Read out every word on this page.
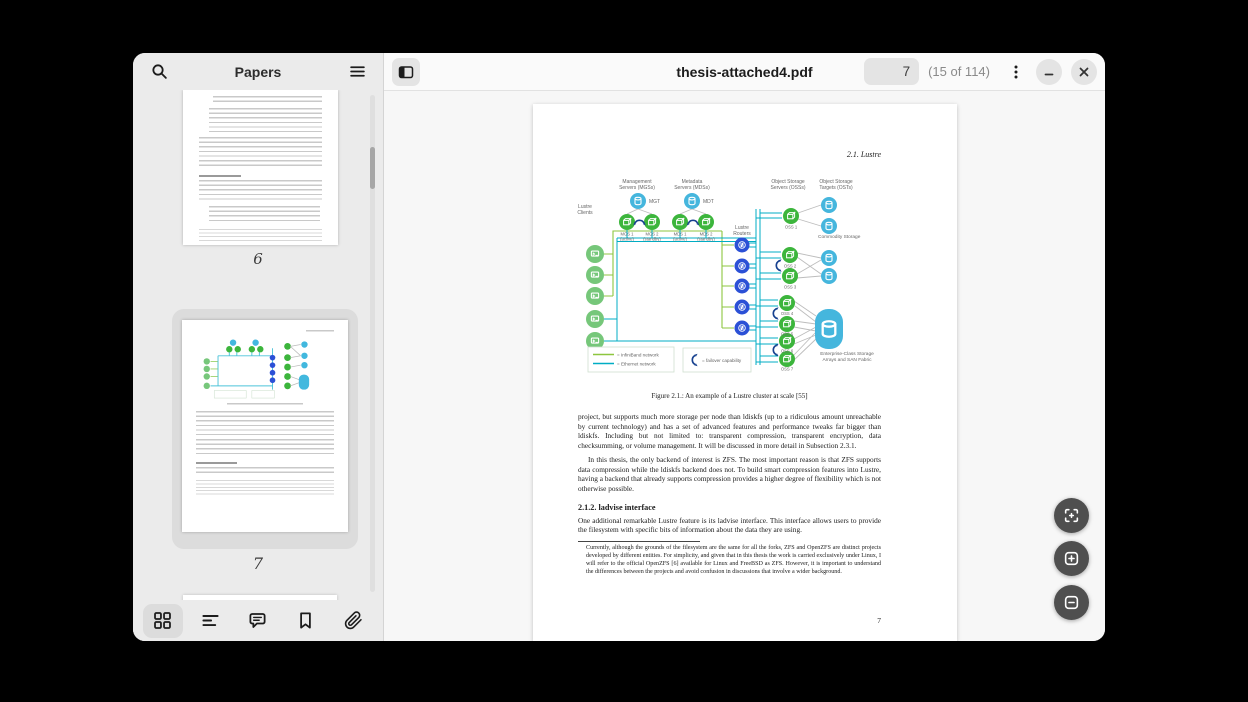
Papers
6
7
thesis-attached4.pdf
7	(15 of 114)
2.1. Lustre
Management
Servers (MGSs)
Metadata
Servers (MDSs)
Object Storage
Servers (OSSs)
Object Storage
Targets (OSTs)
MGT	MDT
MGS 1
(active)
MGS 2
(standby)
MDS 1
(active)
MDS 2
(standby)
Lustre
Clients
Lustre
Routers
OSS 1
OSS 2
OSS 3
OSS 4
OSS 5
OSS 6
OSS 7
Commodity Storage
Enterprise-Class Storage
Arrays and SAN Fabric
= InfiniBand network
= Ethernet network
= failover capability
Figure 2.1.: An example of a Lustre cluster at scale [55]

project, but supports much more storage per node than ldiskfs (up to a ridiculous amount unreachable by current technology) and has a set of advanced features and performance tweaks far bigger than ldiskfs. Including but not limited to: transparent compression, transparent encryption, data checksumming, or volume management. It will be discussed in more detail in Subsection 2.3.1.

In this thesis, the only backend of interest is ZFS. The most important reason is that ZFS supports data compression while the ldiskfs backend does not. To build smart compression features into Lustre, having a backend that already supports compression provides a higher degree of flexibility which is not otherwise possible.

2.1.2. ladvise interface

One additional remarkable Lustre feature is its ladvise interface. This interface allows users to provide the filesystem with specific bits of information about the data they are using.

Currently, although the grounds of the filesystem are the same for all the forks, ZFS and OpenZFS are distinct projects developed by different entities. For simplicity, and given that in this thesis the work is carried exclusively under Linux, I will refer to the official OpenZFS [6] available for Linux and FreeBSD as ZFS. However, it is important to understand the differences between the projects and avoid confusion in discussions that involve a wider background.
7
